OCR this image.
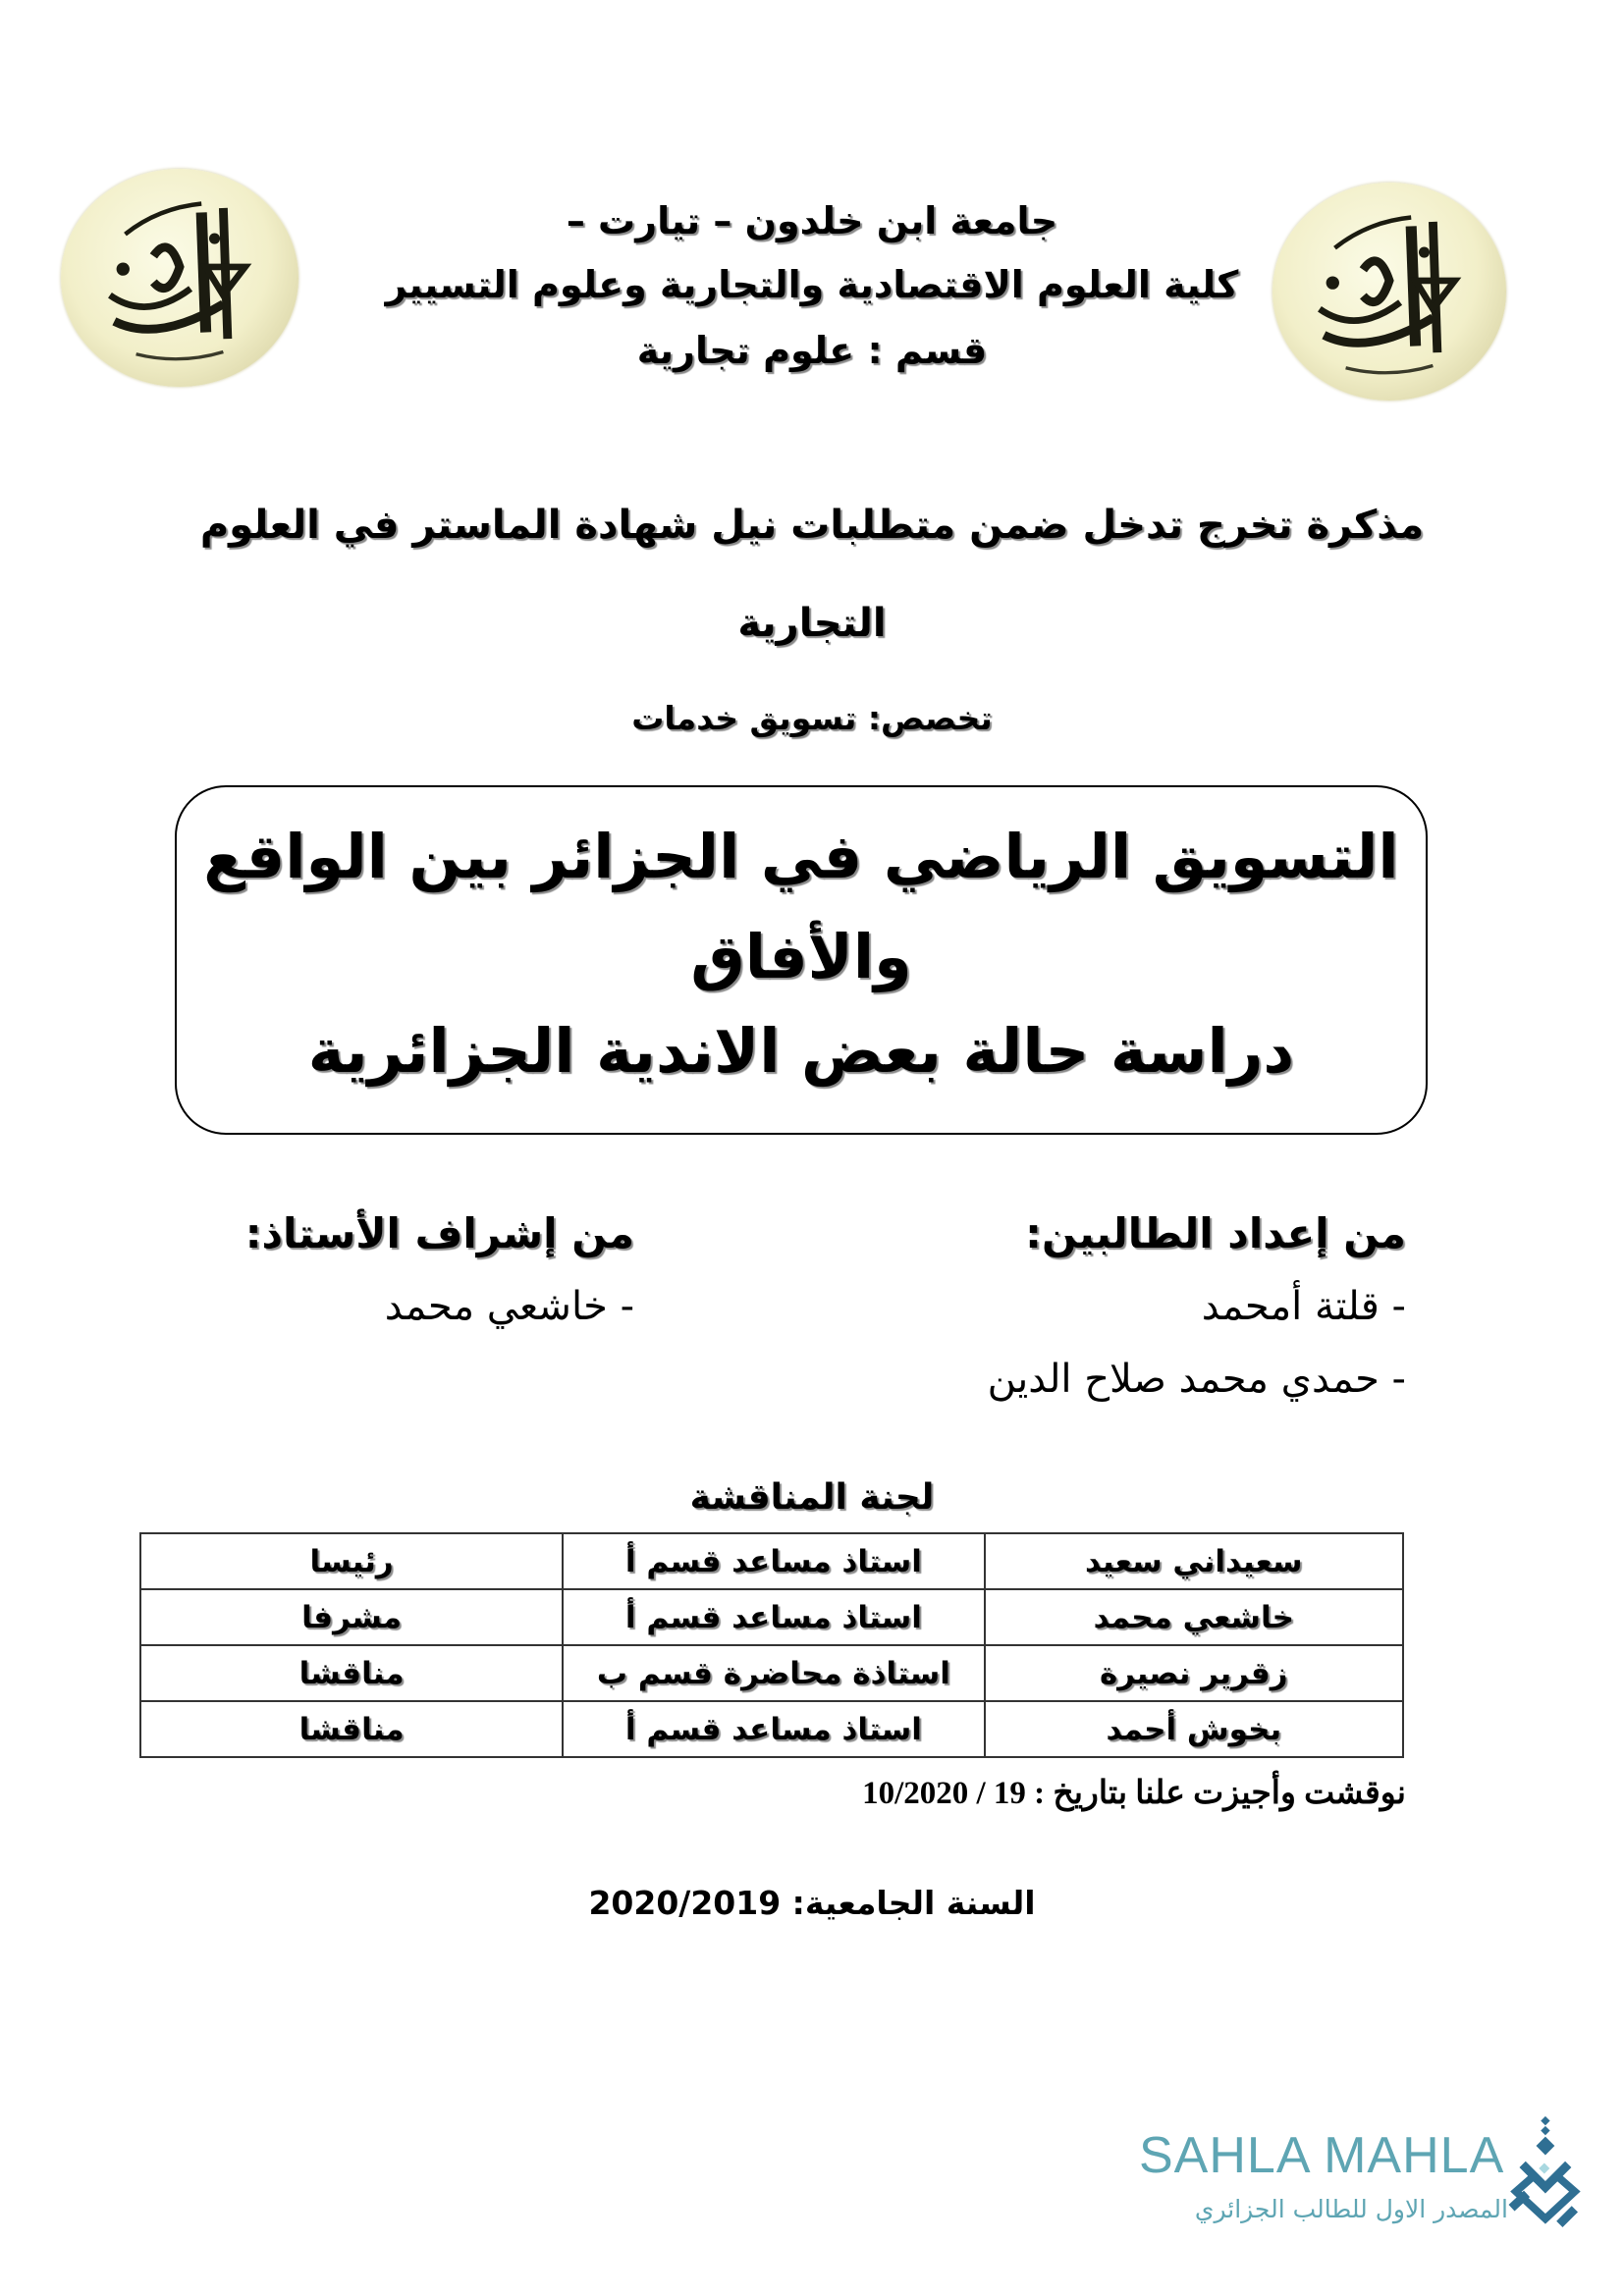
جامعة ابن خلدون – تيارت –
كلية العلوم الاقتصادية والتجارية وعلوم التسيير
قسم : علوم تجارية
مذكرة تخرج تدخل ضمن متطلبات نيل شهادة الماستر في العلوم
التجارية
تخصص: تسويق خدمات
التسويق الرياضي في الجزائر بين الواقع
والأفاق
دراسة حالة بعض الاندية الجزائرية
من إعداد الطالبين:
- قلتة أمحمد
- حمدي محمد صلاح الدين
من إشراف الأستاذ:
- خاشعي محمد
لجنة المناقشة
سعيداني سعيد	استاذ مساعد قسم أ	رئيسا
خاشعي محمد	استاذ مساعد قسم أ	مشرفا
زقرير نصيرة	استاذة محاضرة قسم ب	مناقشا
بخوش أحمد	استاذ مساعد قسم أ	مناقشا
نوقشت وأجيزت علنا بتاريخ : 19 / 10/2020
السنة الجامعية: 2020/2019
SAHLA MAHLA
المصدر الاول للطالب الجزائري
